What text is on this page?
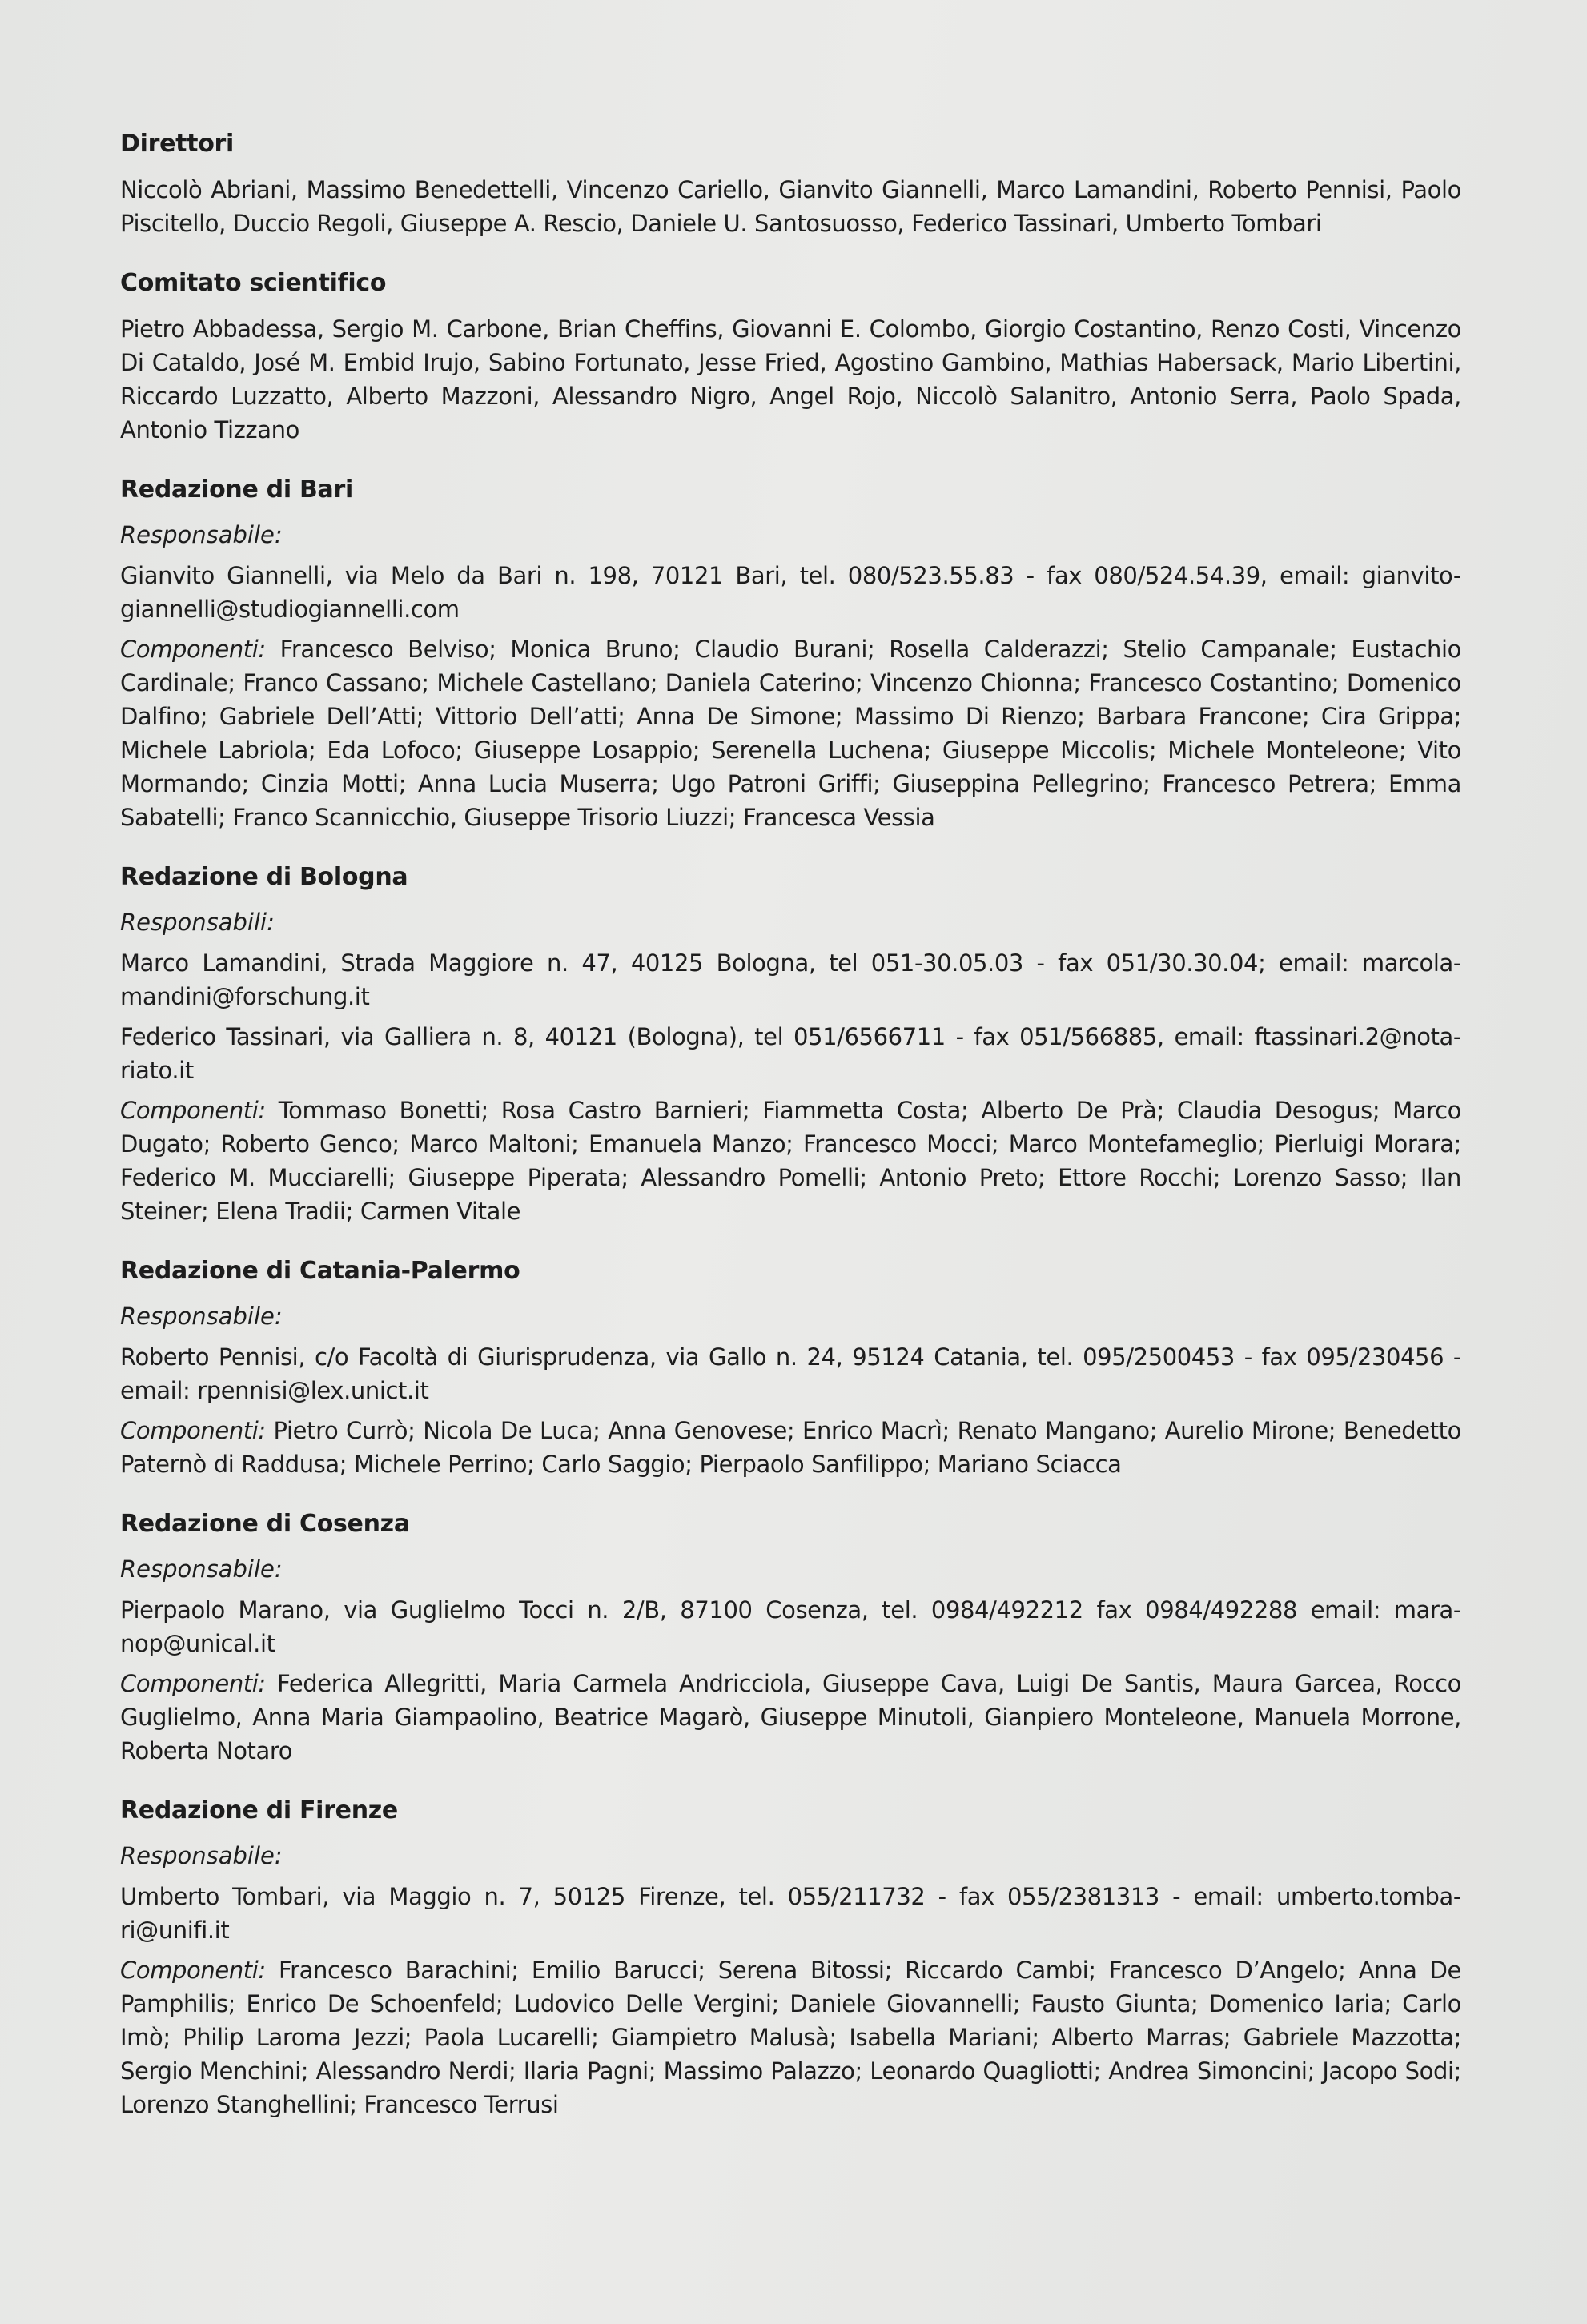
Direttori

Niccolò Abriani, Massimo Benedettelli, Vincenzo Cariello, Gianvito Giannelli, Marco Lamandini, Roberto Pennisi, Paolo Piscitello, Duccio Regoli, Giuseppe A. Rescio, Daniele U. Santosuosso, Federico Tassinari, Umberto Tombari

Comitato scientifico

Pietro Abbadessa, Sergio M. Carbone, Brian Cheffins, Giovanni E. Colombo, Giorgio Costantino, Renzo Costi, Vincenzo Di Cataldo, José M. Embid Irujo, Sabino Fortunato, Jesse Fried, Agostino Gambino, Mathias Habersack, Mario Libertini, Riccardo Luzzatto, Alberto Mazzoni, Alessandro Nigro, Angel Rojo, Niccolò Salanitro, Antonio Serra, Paolo Spada, Antonio Tizzano

Redazione di Bari
Responsabile:

Gianvito Giannelli, via Melo da Bari n. 198, 70121 Bari, tel. 080/523.55.83 - fax 080/524.54.39, email: gianvito-giannelli@studiogiannelli.com

Componenti: Francesco Belviso; Monica Bruno; Claudio Burani; Rosella Calderazzi; Stelio Campanale; Eustachio Cardinale; Franco Cassano; Michele Castellano; Daniela Caterino; Vincenzo Chionna; Francesco Costantino; Domenico Dalfino; Gabriele Dell’Atti; Vittorio Dell’atti; Anna De Simone; Massimo Di Rienzo; Barbara Francone; Cira Grippa; Michele Labriola; Eda Lofoco; Giuseppe Losappio; Serenella Luchena; Giuseppe Miccolis; Michele Monteleone; Vito Mormando; Cinzia Motti; Anna Lucia Muserra; Ugo Patroni Griffi; Giuseppina Pellegrino; Francesco Petrera; Emma Sabatelli; Franco Scannicchio, Giuseppe Trisorio Liuzzi; Francesca Vessia

Redazione di Bologna
Responsabili:

Marco Lamandini, Strada Maggiore n. 47, 40125 Bologna, tel 051-30.05.03 - fax 051/30.30.04; email: marcola-mandini@forschung.it

Federico Tassinari, via Galliera n. 8, 40121 (Bologna), tel 051/6566711 - fax 051/566885, email: ftassinari.2@nota-riato.it

Componenti: Tommaso Bonetti; Rosa Castro Barnieri; Fiammetta Costa; Alberto De Prà; Claudia Desogus; Marco Dugato; Roberto Genco; Marco Maltoni; Emanuela Manzo; Francesco Mocci; Marco Montefameglio; Pierluigi Morara; Federico M. Mucciarelli; Giuseppe Piperata; Alessandro Pomelli; Antonio Preto; Ettore Rocchi; Lorenzo Sasso; Ilan Steiner; Elena Tradii; Carmen Vitale

Redazione di Catania-Palermo
Responsabile:

Roberto Pennisi, c/o Facoltà di Giurisprudenza, via Gallo n. 24, 95124 Catania, tel. 095/2500453 - fax 095/230456 - email: rpennisi@lex.unict.it

Componenti: Pietro Currò; Nicola De Luca; Anna Genovese; Enrico Macrì; Renato Mangano; Aurelio Mirone; Benedetto Paternò di Raddusa; Michele Perrino; Carlo Saggio; Pierpaolo Sanfilippo; Mariano Sciacca

Redazione di Cosenza
Responsabile:

Pierpaolo Marano, via Guglielmo Tocci n. 2/B, 87100 Cosenza, tel. 0984/492212 fax 0984/492288 email: mara-nop@unical.it

Componenti: Federica Allegritti, Maria Carmela Andricciola, Giuseppe Cava, Luigi De Santis, Maura Garcea, Rocco Guglielmo, Anna Maria Giampaolino, Beatrice Magarò, Giuseppe Minutoli, Gianpiero Monteleone, Manuela Morrone, Roberta Notaro

Redazione di Firenze
Responsabile:

Umberto Tombari, via Maggio n. 7, 50125 Firenze, tel. 055/211732 - fax 055/2381313 - email: umberto.tomba-ri@unifi.it

Componenti: Francesco Barachini; Emilio Barucci; Serena Bitossi; Riccardo Cambi; Francesco D’Angelo; Anna De Pamphilis; Enrico De Schoenfeld; Ludovico Delle Vergini; Daniele Giovannelli; Fausto Giunta; Domenico Iaria; Carlo Imò; Philip Laroma Jezzi; Paola Lucarelli; Giampietro Malusà; Isabella Mariani; Alberto Marras; Gabriele Mazzotta; Sergio Menchini; Alessandro Nerdi; Ilaria Pagni; Massimo Palazzo; Leonardo Quagliotti; Andrea Simoncini; Jacopo Sodi; Lorenzo Stanghellini; Francesco Terrusi
